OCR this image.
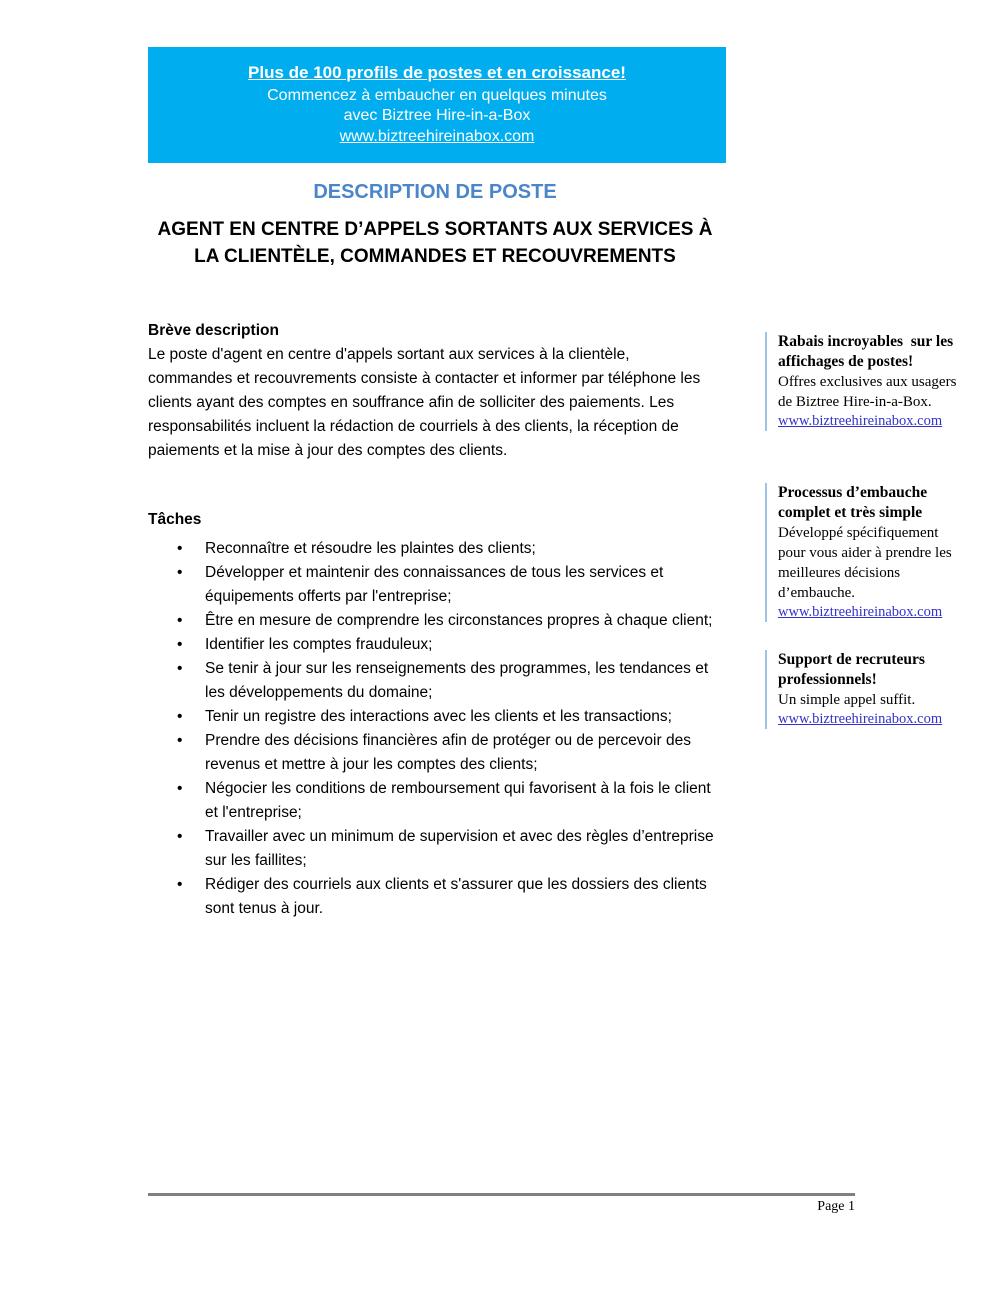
Plus de 100 profils de postes et en croissance!
Commencez à embaucher en quelques minutes
avec Biztree Hire-in-a-Box
www.biztreehireinabox.com
DESCRIPTION DE POSTE
AGENT EN CENTRE D’APPELS SORTANTS AUX SERVICES À LA CLIENTÈLE, COMMANDES ET RECOUVREMENTS
Brève description
Le poste d'agent en centre d'appels sortant aux services à la clientèle, commandes et recouvrements consiste à contacter et informer par téléphone les clients ayant des comptes en souffrance afin de solliciter des paiements. Les responsabilités incluent la rédaction de courriels à des clients, la réception de paiements et la mise à jour des comptes des clients.
Tâches
• Reconnaître et résoudre les plaintes des clients;
• Développer et maintenir des connaissances de tous les services et équipements offerts par l'entreprise;
• Être en mesure de comprendre les circonstances propres à chaque client;
• Identifier les comptes frauduleux;
• Se tenir à jour sur les renseignements des programmes, les tendances et les développements du domaine;
• Tenir un registre des interactions avec les clients et les transactions;
• Prendre des décisions financières afin de protéger ou de percevoir des revenus et mettre à jour les comptes des clients;
• Négocier les conditions de remboursement qui favorisent à la fois le client et l'entreprise;
• Travailler avec un minimum de supervision et avec des règles d’entreprise sur les faillites;
• Rédiger des courriels aux clients et s'assurer que les dossiers des clients sont tenus à jour.
Rabais incroyables  sur les affichages de postes!
Offres exclusives aux usagers de Biztree Hire-in-a-Box.
www.biztreehireinabox.com
Processus d’embauche complet et très simple
Développé spécifiquement pour vous aider à prendre les meilleures décisions d’embauche.
www.biztreehireinabox.com
Support de recruteurs professionnels!
Un simple appel suffit.
www.biztreehireinabox.com
Page 1
